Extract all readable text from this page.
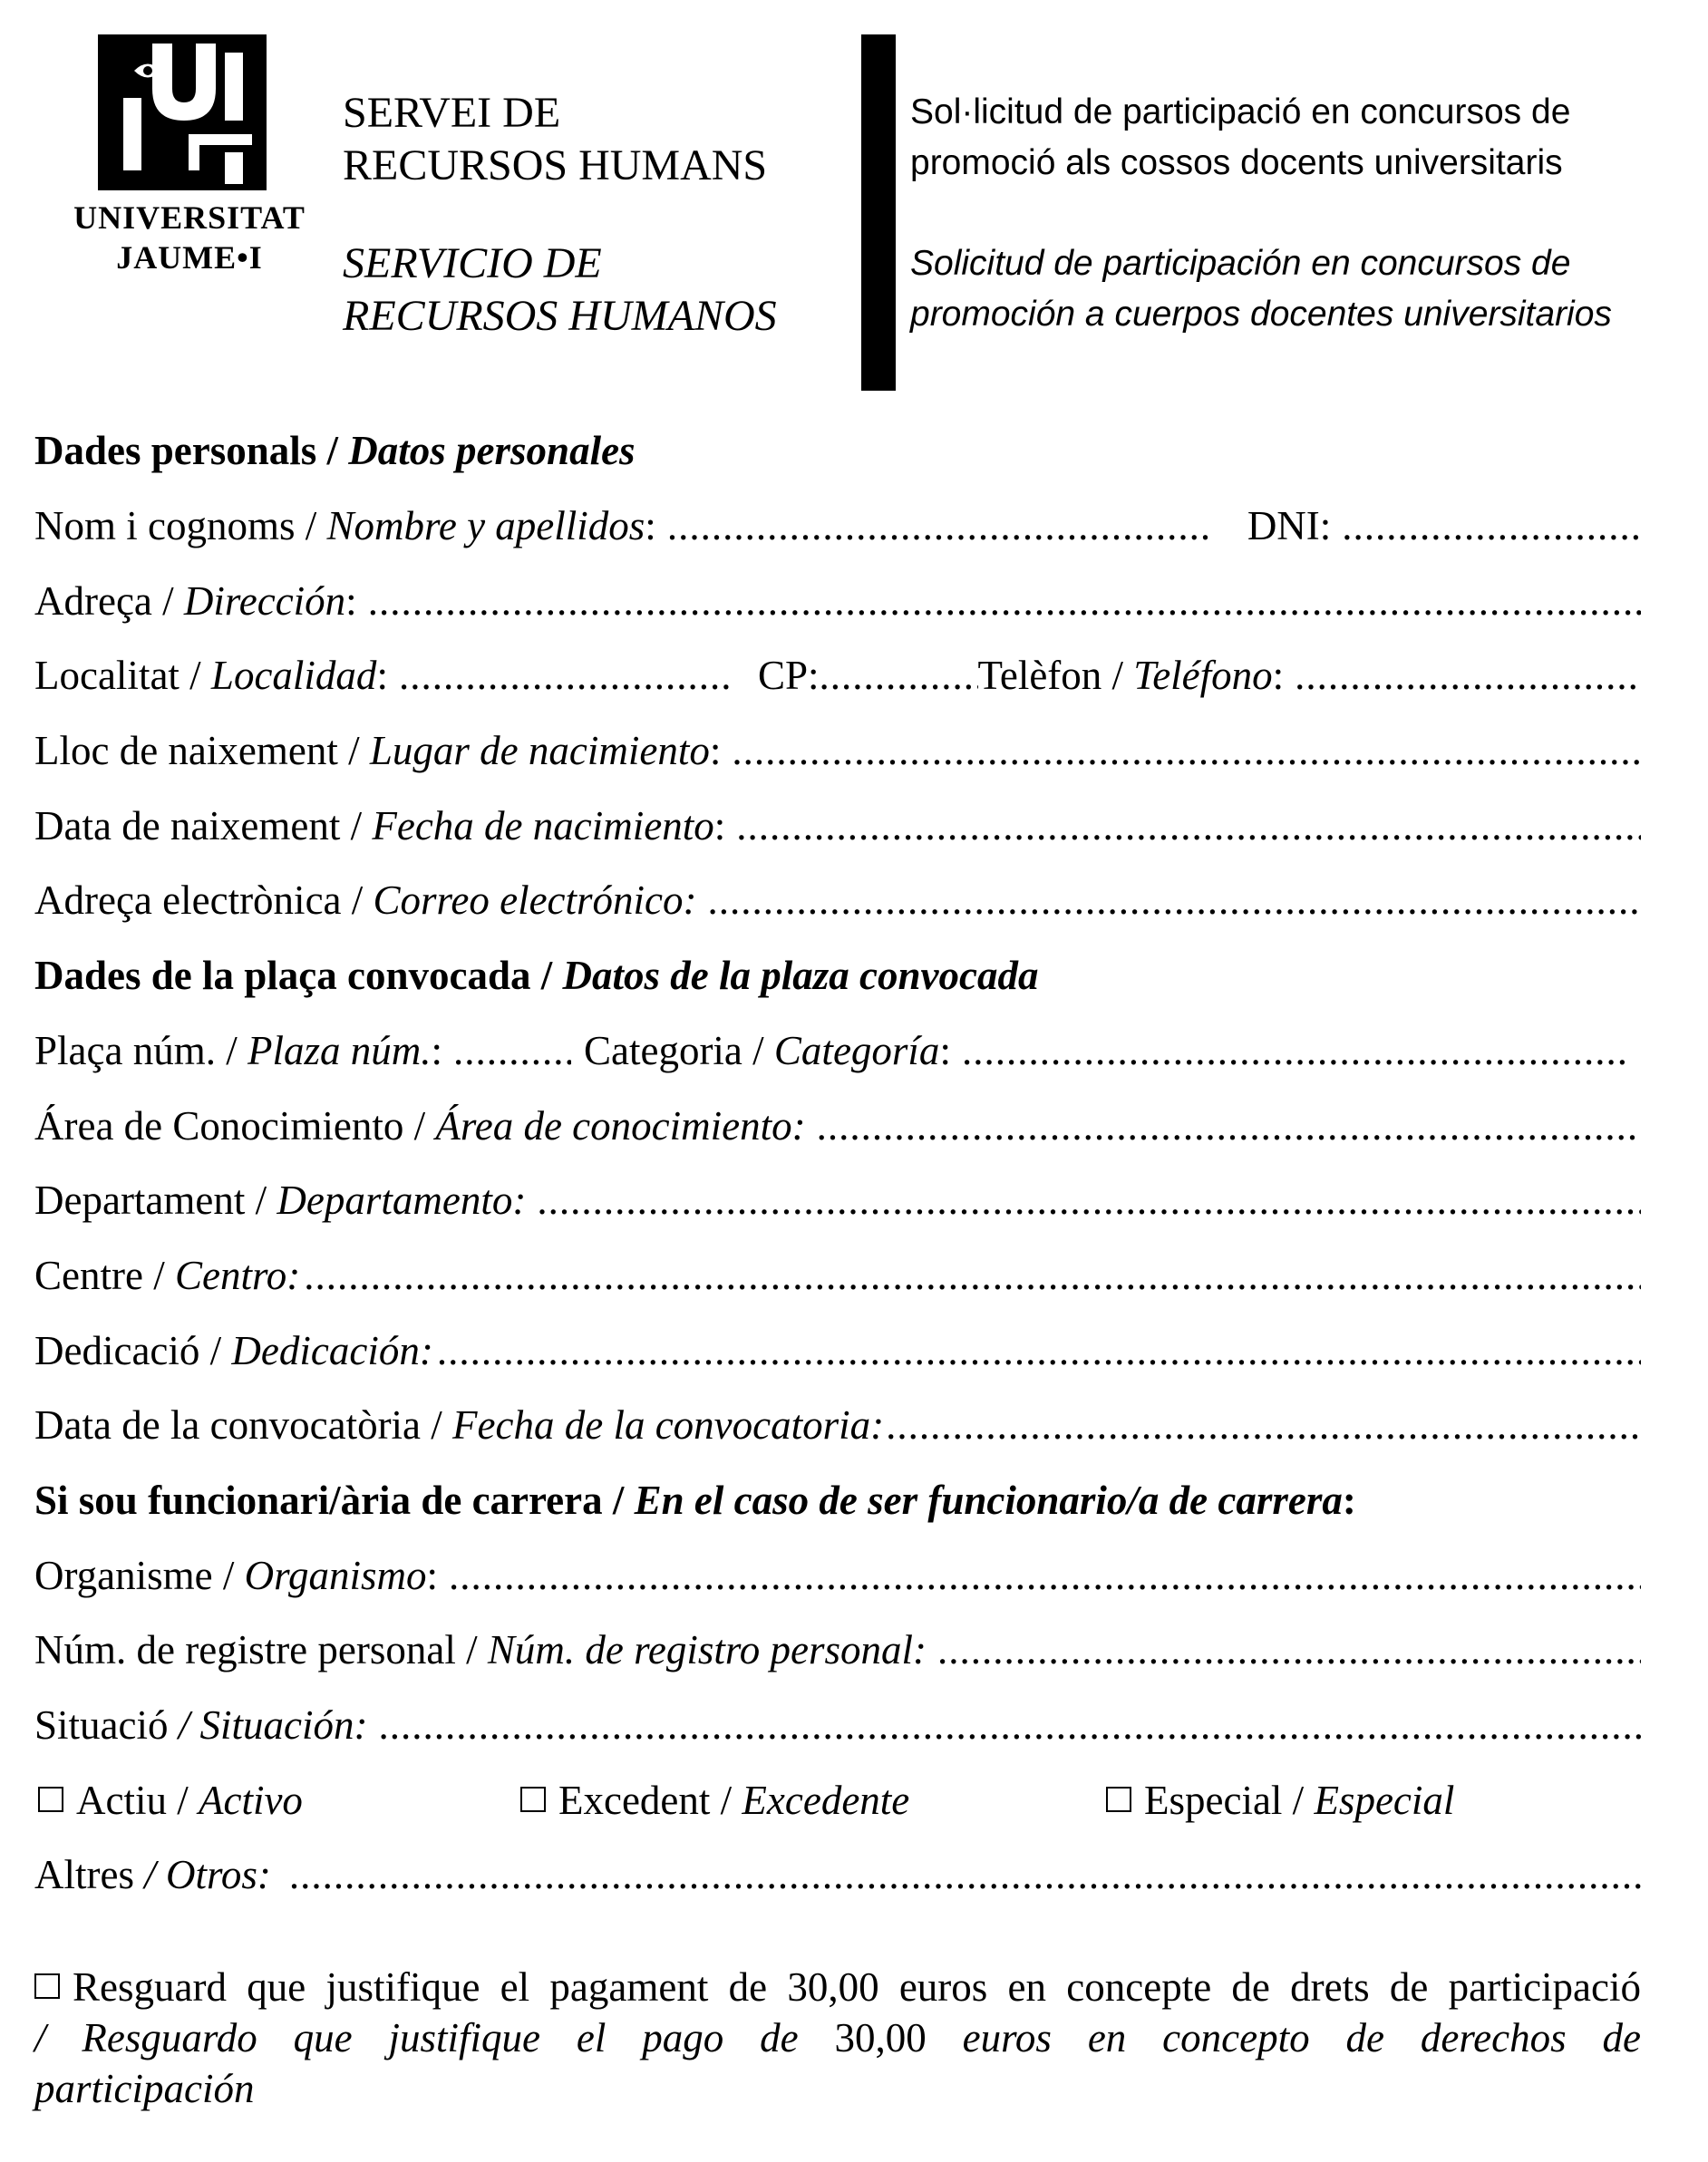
UNIVERSITAT
JAUME•I
SERVEI DE
RECURSOS HUMANS
SERVICIO DE
RECURSOS HUMANOS
Sol·licitud de participació en concursos de
promoció als cossos docents universitaris
Solicitud de participación en concursos de
promoción a cuerpos docentes universitarios
Dades personals /
Datos personales
Nom i cognoms / Nombre y apellidos: .....	DNI:
.....
Adreça / Dirección:
.....
Localitat / Localidad: .....	CP: .....	Telèfon / Teléfono:
.....
Lloc de naixement / Lugar de nacimiento:
.....
Data de naixement / Fecha de nacimiento:
.....
Adreça electrònica / Correo electrónico:
.....
Dades de la plaça convocada /
Datos de la plaza convocada
Plaça núm. / Plaza núm.: .....	Categoria / Categoría:
.....
Área de Conocimiento / Área de conocimiento:
.....
Departament / Departamento:
.....
Centre / Centro:
.....
Dedicació / Dedicación:
.....
Data de la convocatòria / Fecha de la convocatoria:
.....
Si sou funcionari/ària de carrera /
En el caso de ser funcionario/a de carrera :
Organisme / Organismo:
.....
Núm. de registre personal / Núm. de registro personal:
.....
Situació / Situación:
.....
Actiu / Activo	Excedent / Excedente	Especial / Especial
Altres / Otros:
.....
Resguard que justifique el pagament de 30,00 euros en concepte de drets de participació
/ Resguardo que justifique el pago de 30,00 euros en concepto de derechos de
participación
